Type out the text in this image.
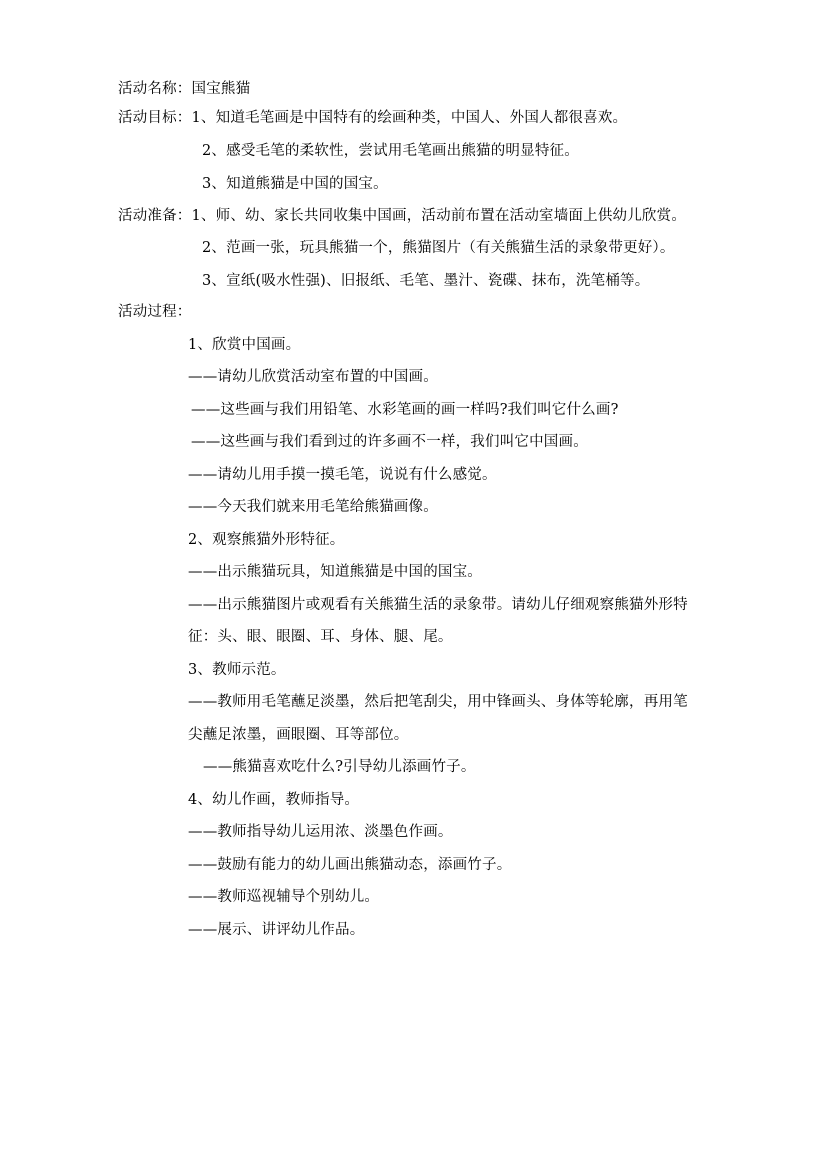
活动名称：国宝熊猫
活动目标：1、知道毛笔画是中国特有的绘画种类，中国人、外国人都很喜欢。
2、感受毛笔的柔软性，尝试用毛笔画出熊猫的明显特征。
3、知道熊猫是中国的国宝。
活动准备：1、师、幼、家长共同收集中国画，活动前布置在活动室墙面上供幼儿欣赏。
2、范画一张，玩具熊猫一个，熊猫图片（有关熊猫生活的录象带更好）。
3、宣纸(吸水性强)、旧报纸、毛笔、墨汁、瓷碟、抹布，洗笔桶等。
活动过程：
1、欣赏中国画。
——请幼儿欣赏活动室布置的中国画。
——这些画与我们用铅笔、水彩笔画的画一样吗?我们叫它什么画?
——这些画与我们看到过的许多画不一样，我们叫它中国画。
——请幼儿用手摸一摸毛笔，说说有什么感觉。
——今天我们就来用毛笔给熊猫画像。
2、观察熊猫外形特征。
——出示熊猫玩具，知道熊猫是中国的国宝。
——出示熊猫图片或观看有关熊猫生活的录象带。请幼儿仔细观察熊猫外形特
征：头、眼、眼圈、耳、身体、腿、尾。
3、教师示范。
——教师用毛笔蘸足淡墨，然后把笔刮尖，用中锋画头、身体等轮廓，再用笔
尖蘸足浓墨，画眼圈、耳等部位。
——熊猫喜欢吃什么?引导幼儿添画竹子。
4、幼儿作画，教师指导。
——教师指导幼儿运用浓、淡墨色作画。
——鼓励有能力的幼儿画出熊猫动态，添画竹子。
——教师巡视辅导个别幼儿。
——展示、讲评幼儿作品。
